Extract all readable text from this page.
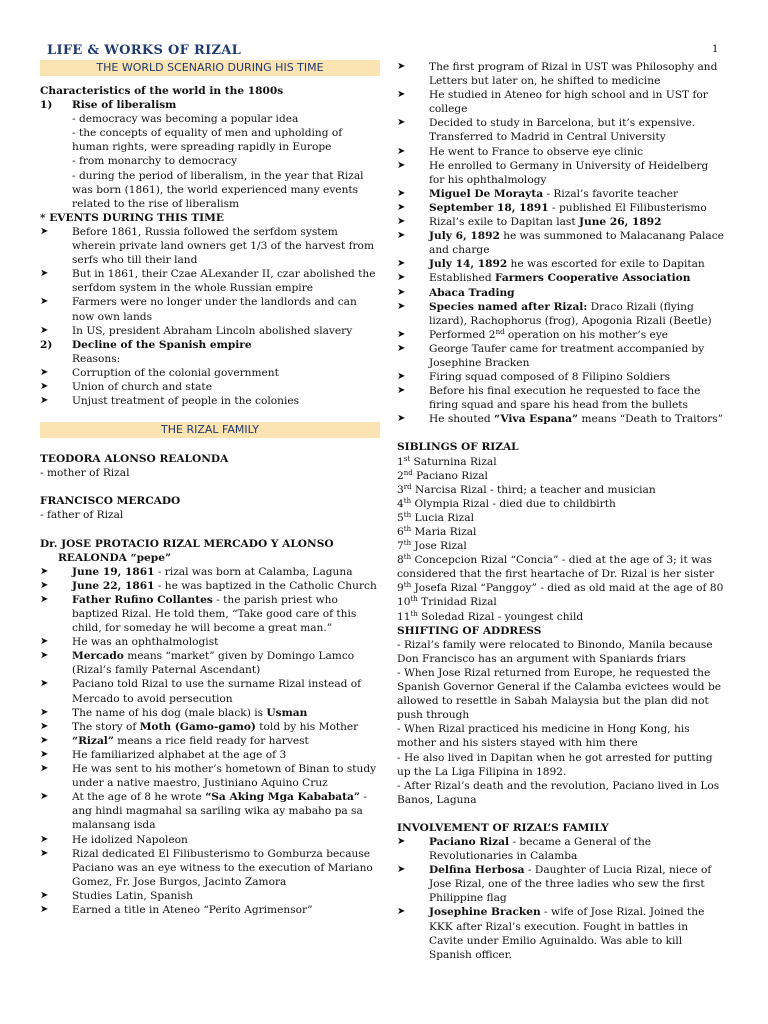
LIFE & WORKS OF RIZAL	1
THE WORLD SCENARIO DURING HIS TIME

Characteristics of the world in the 1800s

1) Rise of liberalism

- democracy was becoming a popular idea

- the concepts of equality of men and upholding of human rights, were spreading rapidly in Europe

- from monarchy to democracy

- during the period of liberalism, in the year that Rizal was born (1861), the world experienced many events related to the rise of liberalism

* EVENTS DURING THIS TIME

➤	Before 1861, Russia followed the serfdom system wherein private land owners get 1/3 of the harvest from serfs who till their land
➤	But in 1861, their Czae ALexander II, czar abolished the serfdom system in the whole Russian empire
➤	Farmers were no longer under the landlords and can now own lands
➤	In US, president Abraham Lincoln abolished slavery
2) Decline of the Spanish empire

Reasons:

➤	Corruption of the colonial government
➤	Union of church and state
➤	Unjust treatment of people in the colonies
THE RIZAL FAMILY

TEODORA ALONSO REALONDA

- mother of Rizal

FRANCISCO MERCADO

- father of Rizal

Dr. JOSE PROTACIO RIZAL MERCADO Y ALONSO REALONDA “pepe”

➤	June 19, 1861 - rizal was born at Calamba, Laguna
➤	June 22, 1861 - he was baptized in the Catholic Church
➤	Father Rufino Collantes - the parish priest who baptized Rizal. He told them, “Take good care of this child, for someday he will become a great man.”
➤	He was an ophthalmologist
➤	Mercado means “market” given by Domingo Lamco (Rizal’s family Paternal Ascendant)
➤	Paciano told Rizal to use the surname Rizal instead of Mercado to avoid persecution
➤	The name of his dog (male black) is Usman
➤	The story of Moth (Gamo-gamo) told by his Mother
➤	“Rizal” means a rice field ready for harvest
➤	He familiarized alphabet at the age of 3
➤	He was sent to his mother’s hometown of Binan to study under a native maestro, Justiniano Aquino Cruz
➤	At the age of 8 he wrote “Sa Aking Mga Kababata” - ang hindi magmahal sa sariling wika ay mabaho pa sa malansang isda
➤	He idolized Napoleon
➤	Rizal dedicated El Filibusterismo to Gomburza because Paciano was an eye witness to the execution of Mariano Gomez, Fr. Jose Burgos, Jacinto Zamora
➤	Studies Latin, Spanish
➤	Earned a title in Ateneo “Perito Agrimensor”
➤	The first program of Rizal in UST was Philosophy and Letters but later on, he shifted to medicine
➤	He studied in Ateneo for high school and in UST for college
➤	Decided to study in Barcelona, but it’s expensive. Transferred to Madrid in Central University
➤	He went to France to observe eye clinic
➤	He enrolled to Germany in University of Heidelberg for his ophthalmology
➤	Miguel De Morayta - Rizal’s favorite teacher
➤	September 18, 1891 - published El Filibusterismo
➤	Rizal’s exile to Dapitan last June 26, 1892
➤	July 6, 1892 he was summoned to Malacanang Palace and charge
➤	July 14, 1892 he was escorted for exile to Dapitan
➤	Established Farmers Cooperative Association
➤	Abaca Trading
➤	Species named after Rizal: Draco Rizali (flying lizard), Rachophorus (frog), Apogonia Rizali (Beetle)
➤	Performed 2nd operation on his mother’s eye
➤	George Taufer came for treatment accompanied by Josephine Bracken
➤	Firing squad composed of 8 Filipino Soldiers
➤	Before his final execution he requested to face the firing squad and spare his head from the bullets
➤	He shouted “Viva Espana” means “Death to Traitors”

SIBLINGS OF RIZAL

1st Saturnina Rizal

2nd Paciano Rizal

3rd Narcisa Rizal - third; a teacher and musician

4th Olympia Rizal - died due to childbirth

5th Lucia Rizal

6th Maria Rizal

7th Jose Rizal

8th Concepcion Rizal “Concia” - died at the age of 3; it was considered that the first heartache of Dr. Rizal is her sister

9th Josefa Rizal “Panggoy” - died as old maid at the age of 80

10th Trinidad Rizal

11th Soledad Rizal - youngest child

SHIFTING OF ADDRESS

- Rizal’s family were relocated to Binondo, Manila because Don Francisco has an argument with Spaniards friars

- When Jose Rizal returned from Europe, he requested the Spanish Governor General if the Calamba evictees would be allowed to resettle in Sabah Malaysia but the plan did not push through

- When Rizal practiced his medicine in Hong Kong, his mother and his sisters stayed with him there

- He also lived in Dapitan when he got arrested for putting up the La Liga Filipina in 1892.

- After Rizal’s death and the revolution, Paciano lived in Los Banos, Laguna

INVOLVEMENT OF RIZAL’S FAMILY

➤	Paciano Rizal - became a General of the Revolutionaries in Calamba
➤	Delfina Herbosa - Daughter of Lucia Rizal, niece of Jose Rizal, one of the three ladies who sew the first Philippine flag
➤	Josephine Bracken - wife of Jose Rizal. Joined the KKK after Rizal’s execution. Fought in battles in Cavite under Emilio Aguinaldo. Was able to kill Spanish officer.
